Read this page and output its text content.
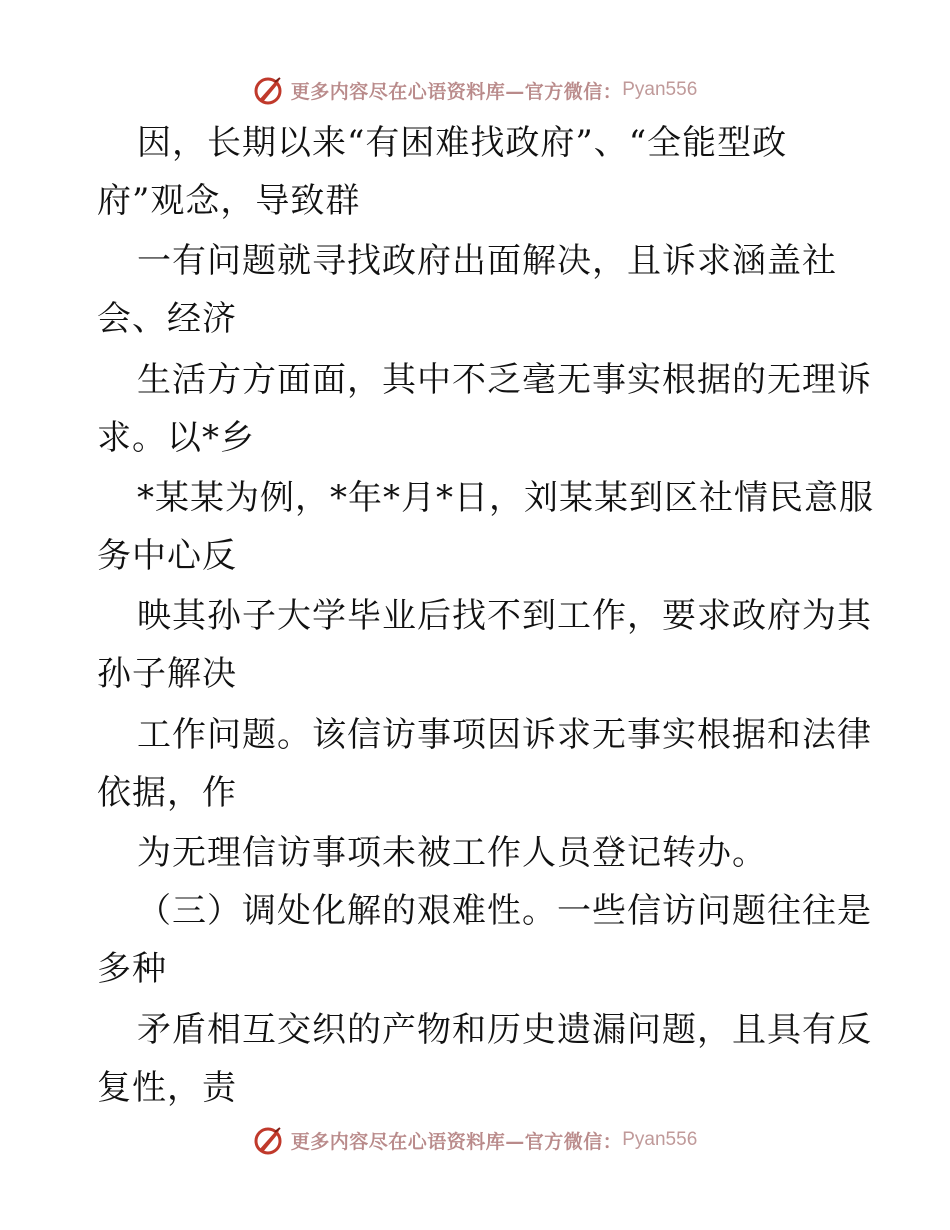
更多内容尽在心语资料库—官方微信： Pyan556
因，长期以来“有困难找政府”、“全能型政
府”观念，导致群
一有问题就寻找政府出面解决，且诉求涵盖社
会、经济
生活方方面面，其中不乏毫无事实根据的无理诉
求。以*乡
*某某为例，*年*月*日，刘某某到区社情民意服
务中心反
映其孙子大学毕业后找不到工作，要求政府为其
孙子解决
工作问题。该信访事项因诉求无事实根据和法律
依据，作
为无理信访事项未被工作人员登记转办。
（三）调处化解的艰难性。一些信访问题往往是
多种
矛盾相互交织的产物和历史遗漏问题，且具有反
复性，责
更多内容尽在心语资料库—官方微信： Pyan556
